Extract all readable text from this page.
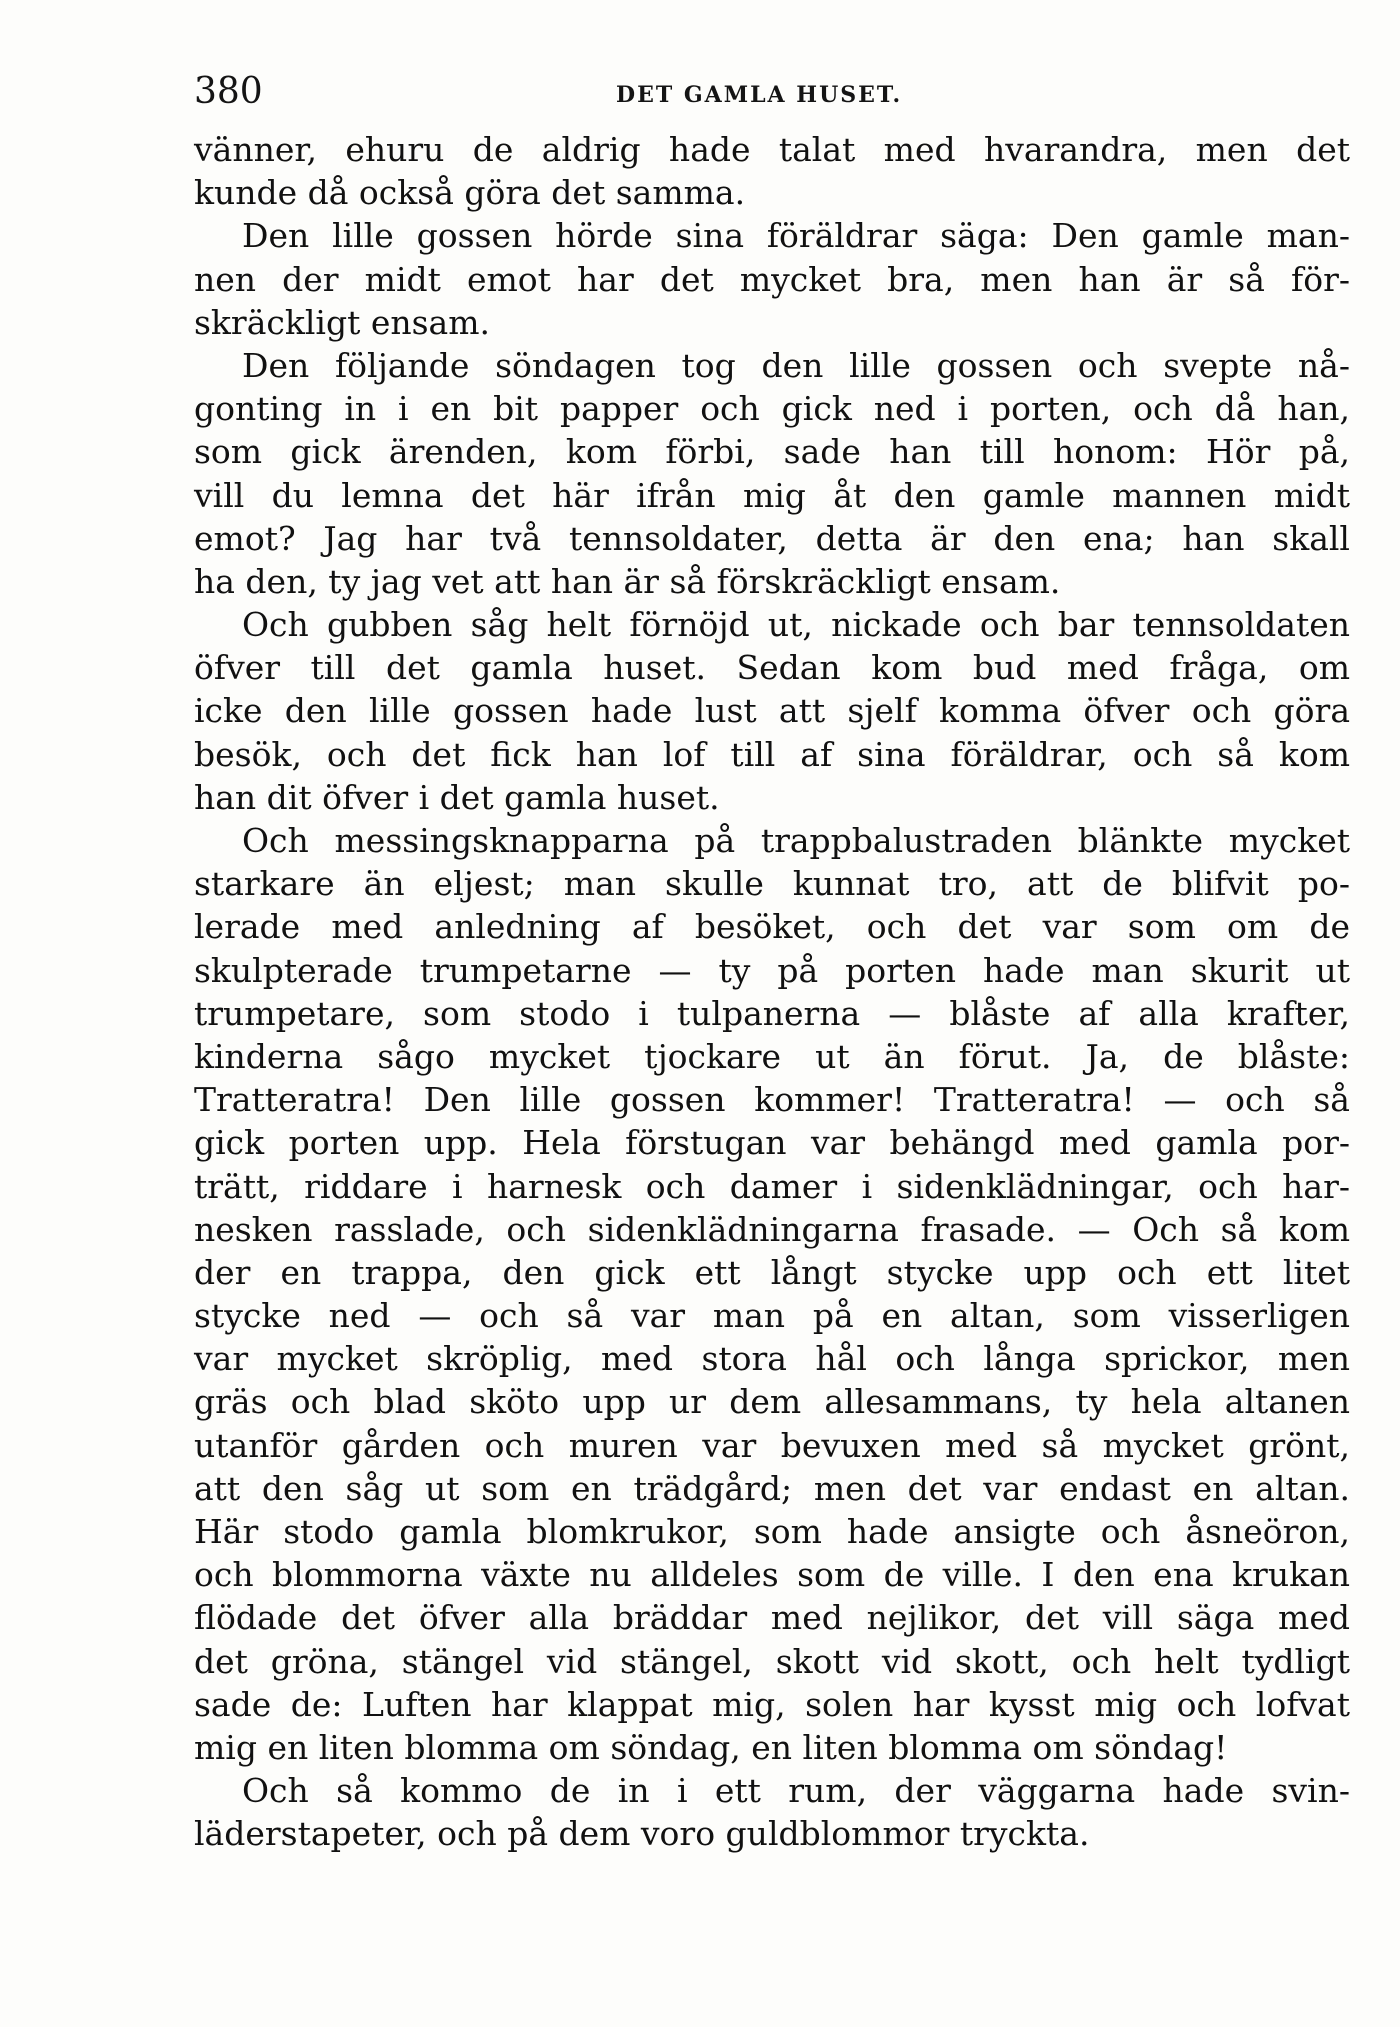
380	DET GAMLA HUSET.
vänner, ehuru de aldrig hade talat med hvarandra, men det
kunde då också göra det samma.
Den lille gossen hörde sina föräldrar säga: Den gamle man-
nen der midt emot har det mycket bra, men han är så för-
skräckligt ensam.
Den följande söndagen tog den lille gossen och svepte nå-
gonting in i en bit papper och gick ned i porten, och då han,
som gick ärenden, kom förbi, sade han till honom: Hör på,
vill du lemna det här ifrån mig åt den gamle mannen midt
emot? Jag har två tennsoldater, detta är den ena; han skall
ha den, ty jag vet att han är så förskräckligt ensam.
Och gubben såg helt förnöjd ut, nickade och bar tennsoldaten
öfver till det gamla huset. Sedan kom bud med fråga, om
icke den lille gossen hade lust att sjelf komma öfver och göra
besök, och det fick han lof till af sina föräldrar, och så kom
han dit öfver i det gamla huset.
Och messingsknapparna på trappbalustraden blänkte mycket
starkare än eljest; man skulle kunnat tro, att de blifvit po-
lerade med anledning af besöket, och det var som om de
skulpterade trumpetarne — ty på porten hade man skurit ut
trumpetare, som stodo i tulpanerna — blåste af alla krafter,
kinderna sågo mycket tjockare ut än förut. Ja, de blåste:
Tratteratra! Den lille gossen kommer! Tratteratra! — och så
gick porten upp. Hela förstugan var behängd med gamla por-
trätt, riddare i harnesk och damer i sidenklädningar, och har-
nesken rasslade, och sidenklädningarna frasade. — Och så kom
der en trappa, den gick ett långt stycke upp och ett litet
stycke ned — och så var man på en altan, som visserligen
var mycket skröplig, med stora hål och långa sprickor, men
gräs och blad sköto upp ur dem allesammans, ty hela altanen
utanför gården och muren var bevuxen med så mycket grönt,
att den såg ut som en trädgård; men det var endast en altan.
Här stodo gamla blomkrukor, som hade ansigte och åsneöron,
och blommorna växte nu alldeles som de ville. I den ena krukan
flödade det öfver alla bräddar med nejlikor, det vill säga med
det gröna, stängel vid stängel, skott vid skott, och helt tydligt
sade de: Luften har klappat mig, solen har kysst mig och lofvat
mig en liten blomma om söndag, en liten blomma om söndag!
Och så kommo de in i ett rum, der väggarna hade svin-
läderstapeter, och på dem voro guldblommor tryckta.
